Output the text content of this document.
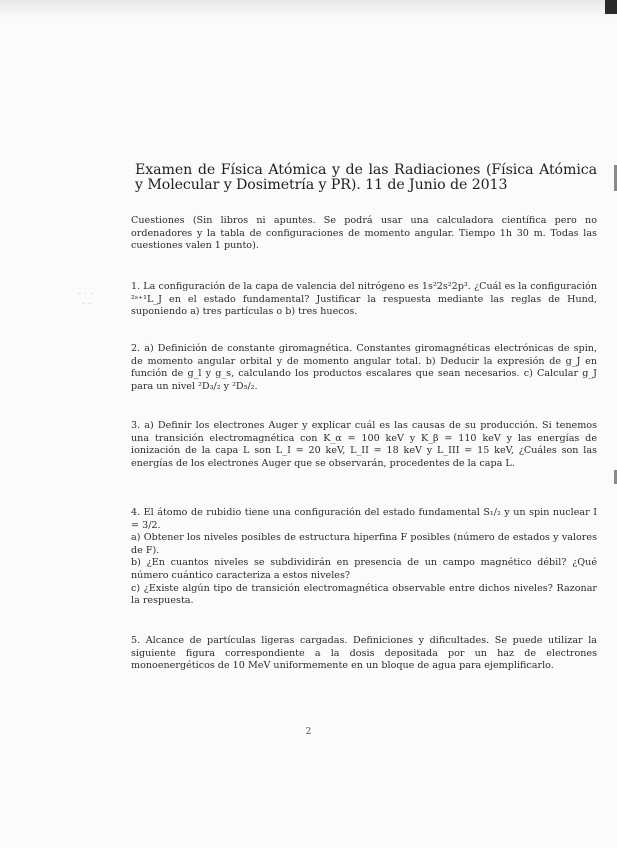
· · ·
· ·
Examen de Física Atómica y de las Radiaciones (Física Atómica y Molecular y Dosimetría y PR). 11 de Junio de 2013

Cuestiones (Sin libros ni apuntes. Se podrá usar una calculadora científica pero no ordenadores y la tabla de configuraciones de momento angular. Tiempo 1h 30 m. Todas las cuestiones valen 1 punto).

1. La configuración de la capa de valencia del nitrógeno es 1s²2s²2p³. ¿Cuál es la configuración ²ˢ⁺¹L_J en el estado fundamental? Justificar la respuesta mediante las reglas de Hund, suponiendo a) tres partículas o b) tres huecos.

2. a) Definición de constante giromagnética. Constantes giromagnéticas electrónicas de spin, de momento angular orbital y de momento angular total. b) Deducir la expresión de g_J en función de g_l y g_s, calculando los productos escalares que sean necesarios. c) Calcular g_J para un nivel ²D₃/₂ y ²D₅/₂.

3. a) Definir los electrones Auger y explicar cuál es las causas de su producción. Si tenemos una transición electromagnética con K_α = 100 keV y K_β = 110 keV y las energías de ionización de la capa L son L_I = 20 keV, L_II = 18 keV y L_III = 15 keV, ¿Cuáles son las energías de los electrones Auger que se observarán, procedentes de la capa L.

4. El átomo de rubidio tiene una configuración del estado fundamental S₁/₂ y un spin nuclear I = 3/2.
a) Obtener los niveles posibles de estructura hiperfina F posibles (número de estados y valores de F).
b) ¿En cuantos niveles se subdividirán en presencia de un campo magnético débil? ¿Qué número cuántico caracteriza a estos niveles?
c) ¿Existe algún tipo de transición electromagnética observable entre dichos niveles? Razonar la respuesta.

5. Alcance de partículas ligeras cargadas. Definiciones y dificultades. Se puede utilizar la siguiente figura correspondiente a la dosis depositada por un haz de electrones monoenergéticos de 10 MeV uniformemente en un bloque de agua para ejemplificarlo.

2
